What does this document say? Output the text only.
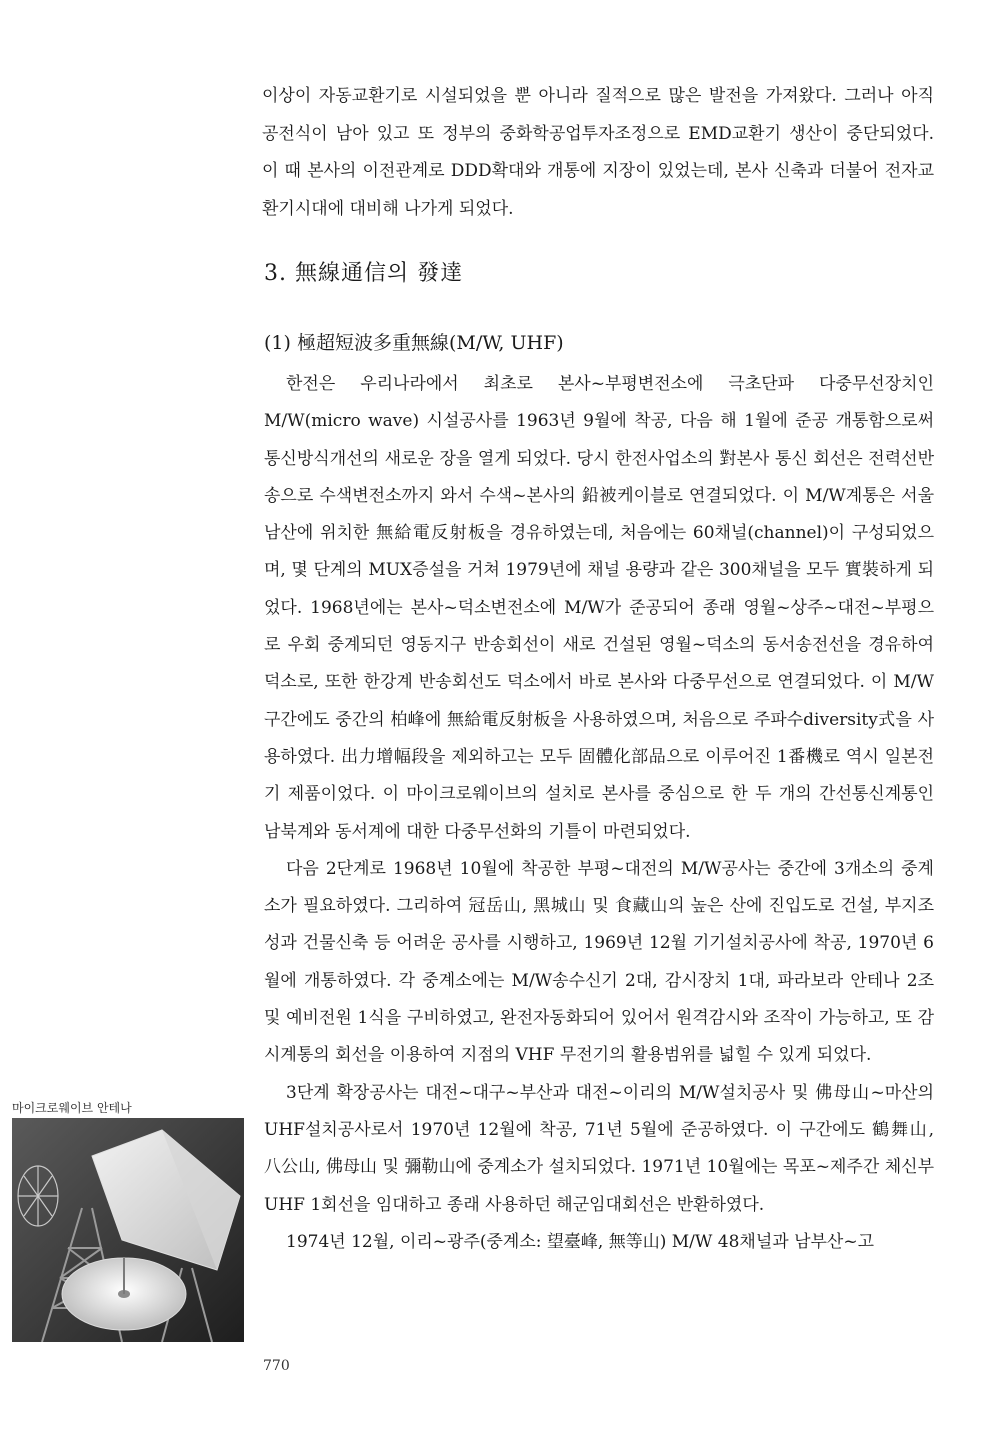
이상이 자동교환기로 시설되었을 뿐 아니라 질적으로 많은 발전을 가져왔다. 그러나 아직 공전식이 남아 있고 또 정부의 중화학공업투자조정으로 EMD교환기 생산이 중단되었다. 이 때 본사의 이전관계로 DDD확대와 개통에 지장이 있었는데, 본사 신축과 더불어 전자교환기시대에 대비해 나가게 되었다.

3. 無線通信의 發達
(1) 極超短波多重無線(M/W, UHF)

한전은 우리나라에서 최초로 본사~부평변전소에 극초단파 다중무선장치인 M/W(micro wave) 시설공사를 1963년 9월에 착공, 다음 해 1월에 준공 개통함으로써 통신방식개선의 새로운 장을 열게 되었다. 당시 한전사업소의 對본사 통신 회선은 전력선반송으로 수색변전소까지 와서 수색~본사의 鉛被케이블로 연결되었다. 이 M/W계통은 서울 남산에 위치한 無給電反射板을 경유하였는데, 처음에는 60채널(channel)이 구성되었으며, 몇 단계의 MUX증설을 거쳐 1979년에 채널 용량과 같은 300채널을 모두 實裝하게 되었다. 1968년에는 본사~덕소변전소에 M/W가 준공되어 종래 영월~상주~대전~부평으로 우회 중계되던 영동지구 반송회선이 새로 건설된 영월~덕소의 동서송전선을 경유하여 덕소로, 또한 한강계 반송회선도 덕소에서 바로 본사와 다중무선으로 연결되었다. 이 M/W구간에도 중간의 柏峰에 無給電反射板을 사용하였으며, 처음으로 주파수diversity式을 사용하였다. 出力增幅段을 제외하고는 모두 固體化部品으로 이루어진 1番機로 역시 일본전기 제품이었다. 이 마이크로웨이브의 설치로 본사를 중심으로 한 두 개의 간선통신계통인 남북계와 동서계에 대한 다중무선화의 기틀이 마련되었다.

다음 2단계로 1968년 10월에 착공한 부평~대전의 M/W공사는 중간에 3개소의 중계소가 필요하였다. 그리하여 冠岳山, 黑城山 및 食藏山의 높은 산에 진입도로 건설, 부지조성과 건물신축 등 어려운 공사를 시행하고, 1969년 12월 기기설치공사에 착공, 1970년 6월에 개통하였다. 각 중계소에는 M/W송수신기 2대, 감시장치 1대, 파라보라 안테나 2조 및 예비전원 1식을 구비하였고, 완전자동화되어 있어서 원격감시와 조작이 가능하고, 또 감시계통의 회선을 이용하여 지점의 VHF 무전기의 활용범위를 넓힐 수 있게 되었다.

3단계 확장공사는 대전~대구~부산과 대전~이리의 M/W설치공사 및 佛母山~마산의 UHF설치공사로서 1970년 12월에 착공, 71년 5월에 준공하였다. 이 구간에도 鶴舞山, 八公山, 佛母山 및 彌勒山에 중계소가 설치되었다. 1971년 10월에는 목포~제주간 체신부UHF 1회선을 임대하고 종래 사용하던 해군임대회선은 반환하였다.

1974년 12월, 이리~광주(중계소: 望臺峰, 無等山) M/W 48채널과 남부산~고

마이크로웨이브 안테나

770
